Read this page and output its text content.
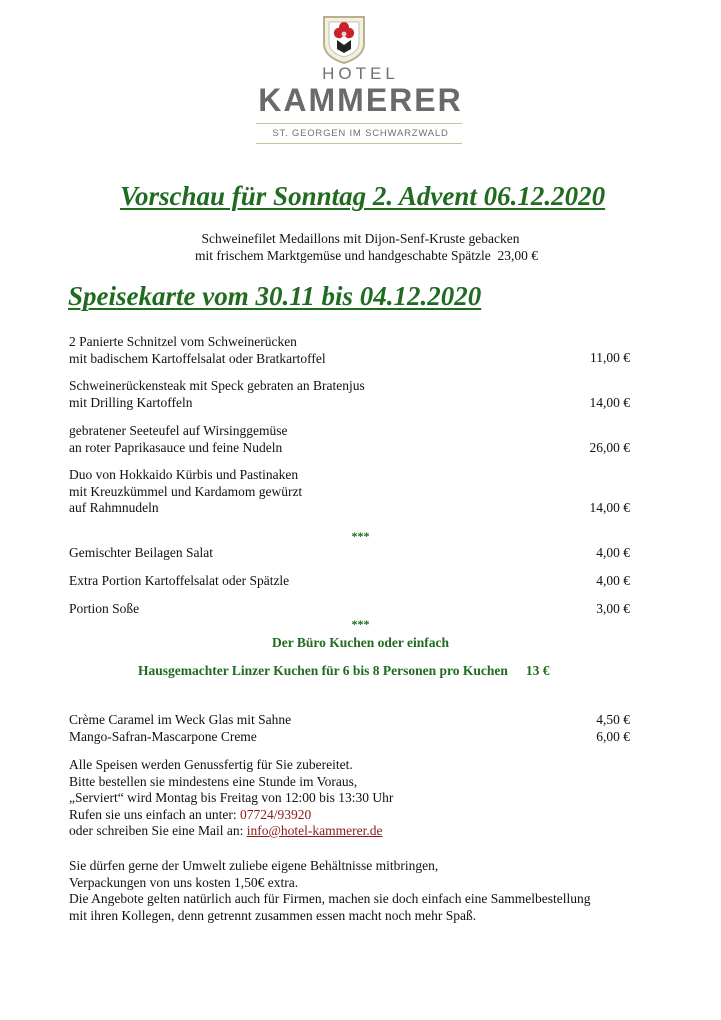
HOTEL
KAMMERER
ST. GEORGEN IM SCHWARZWALD
Vorschau für Sonntag 2. Advent 06.12.2020
Schweinefilet Medaillons mit Dijon-Senf-Kruste gebacken
mit frischem Marktgemüse und handgeschabte Spätzle 23,00 €
Speisekarte vom 30.11 bis 04.12.2020
2 Panierte Schnitzel vom Schweinerücken
mit badischem Kartoffelsalat oder Bratkartoffel	11,00 €
Schweinerückensteak mit Speck gebraten an Bratenjus
mit Drilling Kartoffeln	14,00 €
gebratener Seeteufel auf Wirsinggemüse
an roter Paprikasauce und feine Nudeln	26,00 €
Duo von Hokkaido Kürbis und Pastinaken
mit Kreuzkümmel und Kardamom gewürzt
auf Rahmnudeln	14,00 €
***
Gemischter Beilagen Salat	4,00 €
Extra Portion Kartoffelsalat oder Spätzle	4,00 €
Portion Soße	3,00 €
***
Der Büro Kuchen oder einfach
Hausgemachter Linzer Kuchen für 6 bis 8 Personen pro Kuchen 13 €
Crème Caramel im Weck Glas mit Sahne	4,50 €
Mango-Safran-Mascarpone Creme	6,00 €
Alle Speisen werden Genussfertig für Sie zubereitet.
Bitte bestellen sie mindestens eine Stunde im Voraus,
„Serviert“ wird Montag bis Freitag von 12:00 bis 13:30 Uhr
Rufen sie uns einfach an unter: 07724/93920
oder schreiben Sie eine Mail an: info@hotel-kammerer.de
Sie dürfen gerne der Umwelt zuliebe eigene Behältnisse mitbringen,
Verpackungen von uns kosten 1,50€ extra.
Die Angebote gelten natürlich auch für Firmen, machen sie doch einfach eine Sammelbestellung
mit ihren Kollegen, denn getrennt zusammen essen macht noch mehr Spaß.
